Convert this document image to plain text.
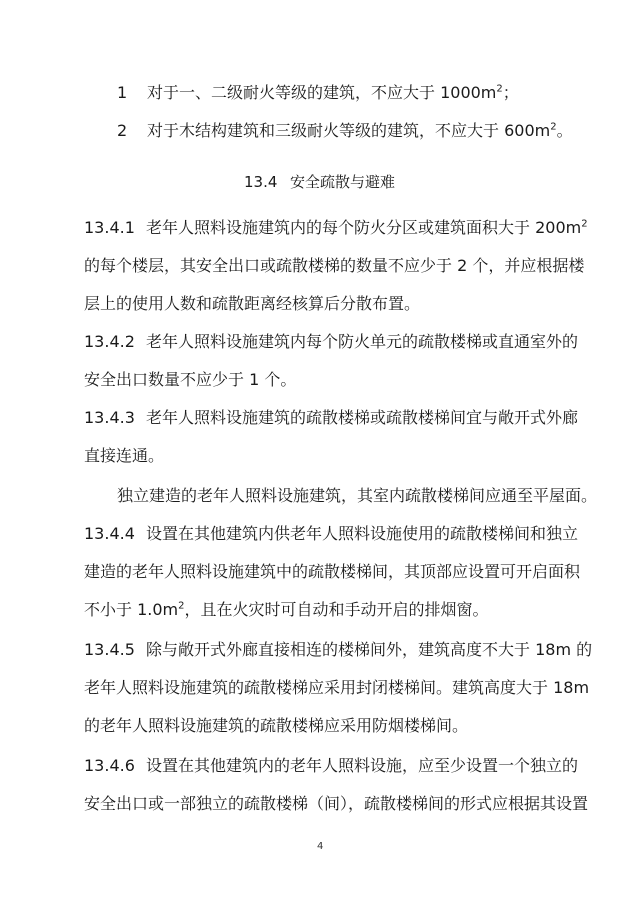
1 对于一、二级耐火等级的建筑，不应大于 $1000m^2$；
2 对于木结构建筑和三级耐火等级的建筑，不应大于 $600m^2$。
13.4 安全疏散与避难
13.4.1 老年人照料设施建筑内的每个防火分区或建筑面积大于 $200m^2$
的每个楼层，其安全出口或疏散楼梯的数量不应少于 2 个，并应根据楼
层上的使用人数和疏散距离经核算后分散布置。
13.4.2 老年人照料设施建筑内每个防火单元的疏散楼梯或直通室外的
安全出口数量不应少于 1 个。
13.4.3 老年人照料设施建筑的疏散楼梯或疏散楼梯间宜与敞开式外廊
直接连通。
独立建造的老年人照料设施建筑，其室内疏散楼梯间应通至平屋面。
13.4.4 设置在其他建筑内供老年人照料设施使用的疏散楼梯间和独立
建造的老年人照料设施建筑中的疏散楼梯间，其顶部应设置可开启面积
不小于 $1.0m^2$，且在火灾时可自动和手动开启的排烟窗。
13.4.5 除与敞开式外廊直接相连的楼梯间外，建筑高度不大于 18m 的
老年人照料设施建筑的疏散楼梯应采用封闭楼梯间。建筑高度大于 18m
的老年人照料设施建筑的疏散楼梯应采用防烟楼梯间。
13.4.6 设置在其他建筑内的老年人照料设施，应至少设置一个独立的
安全出口或一部独立的疏散楼梯（间），疏散楼梯间的形式应根据其设置
4
